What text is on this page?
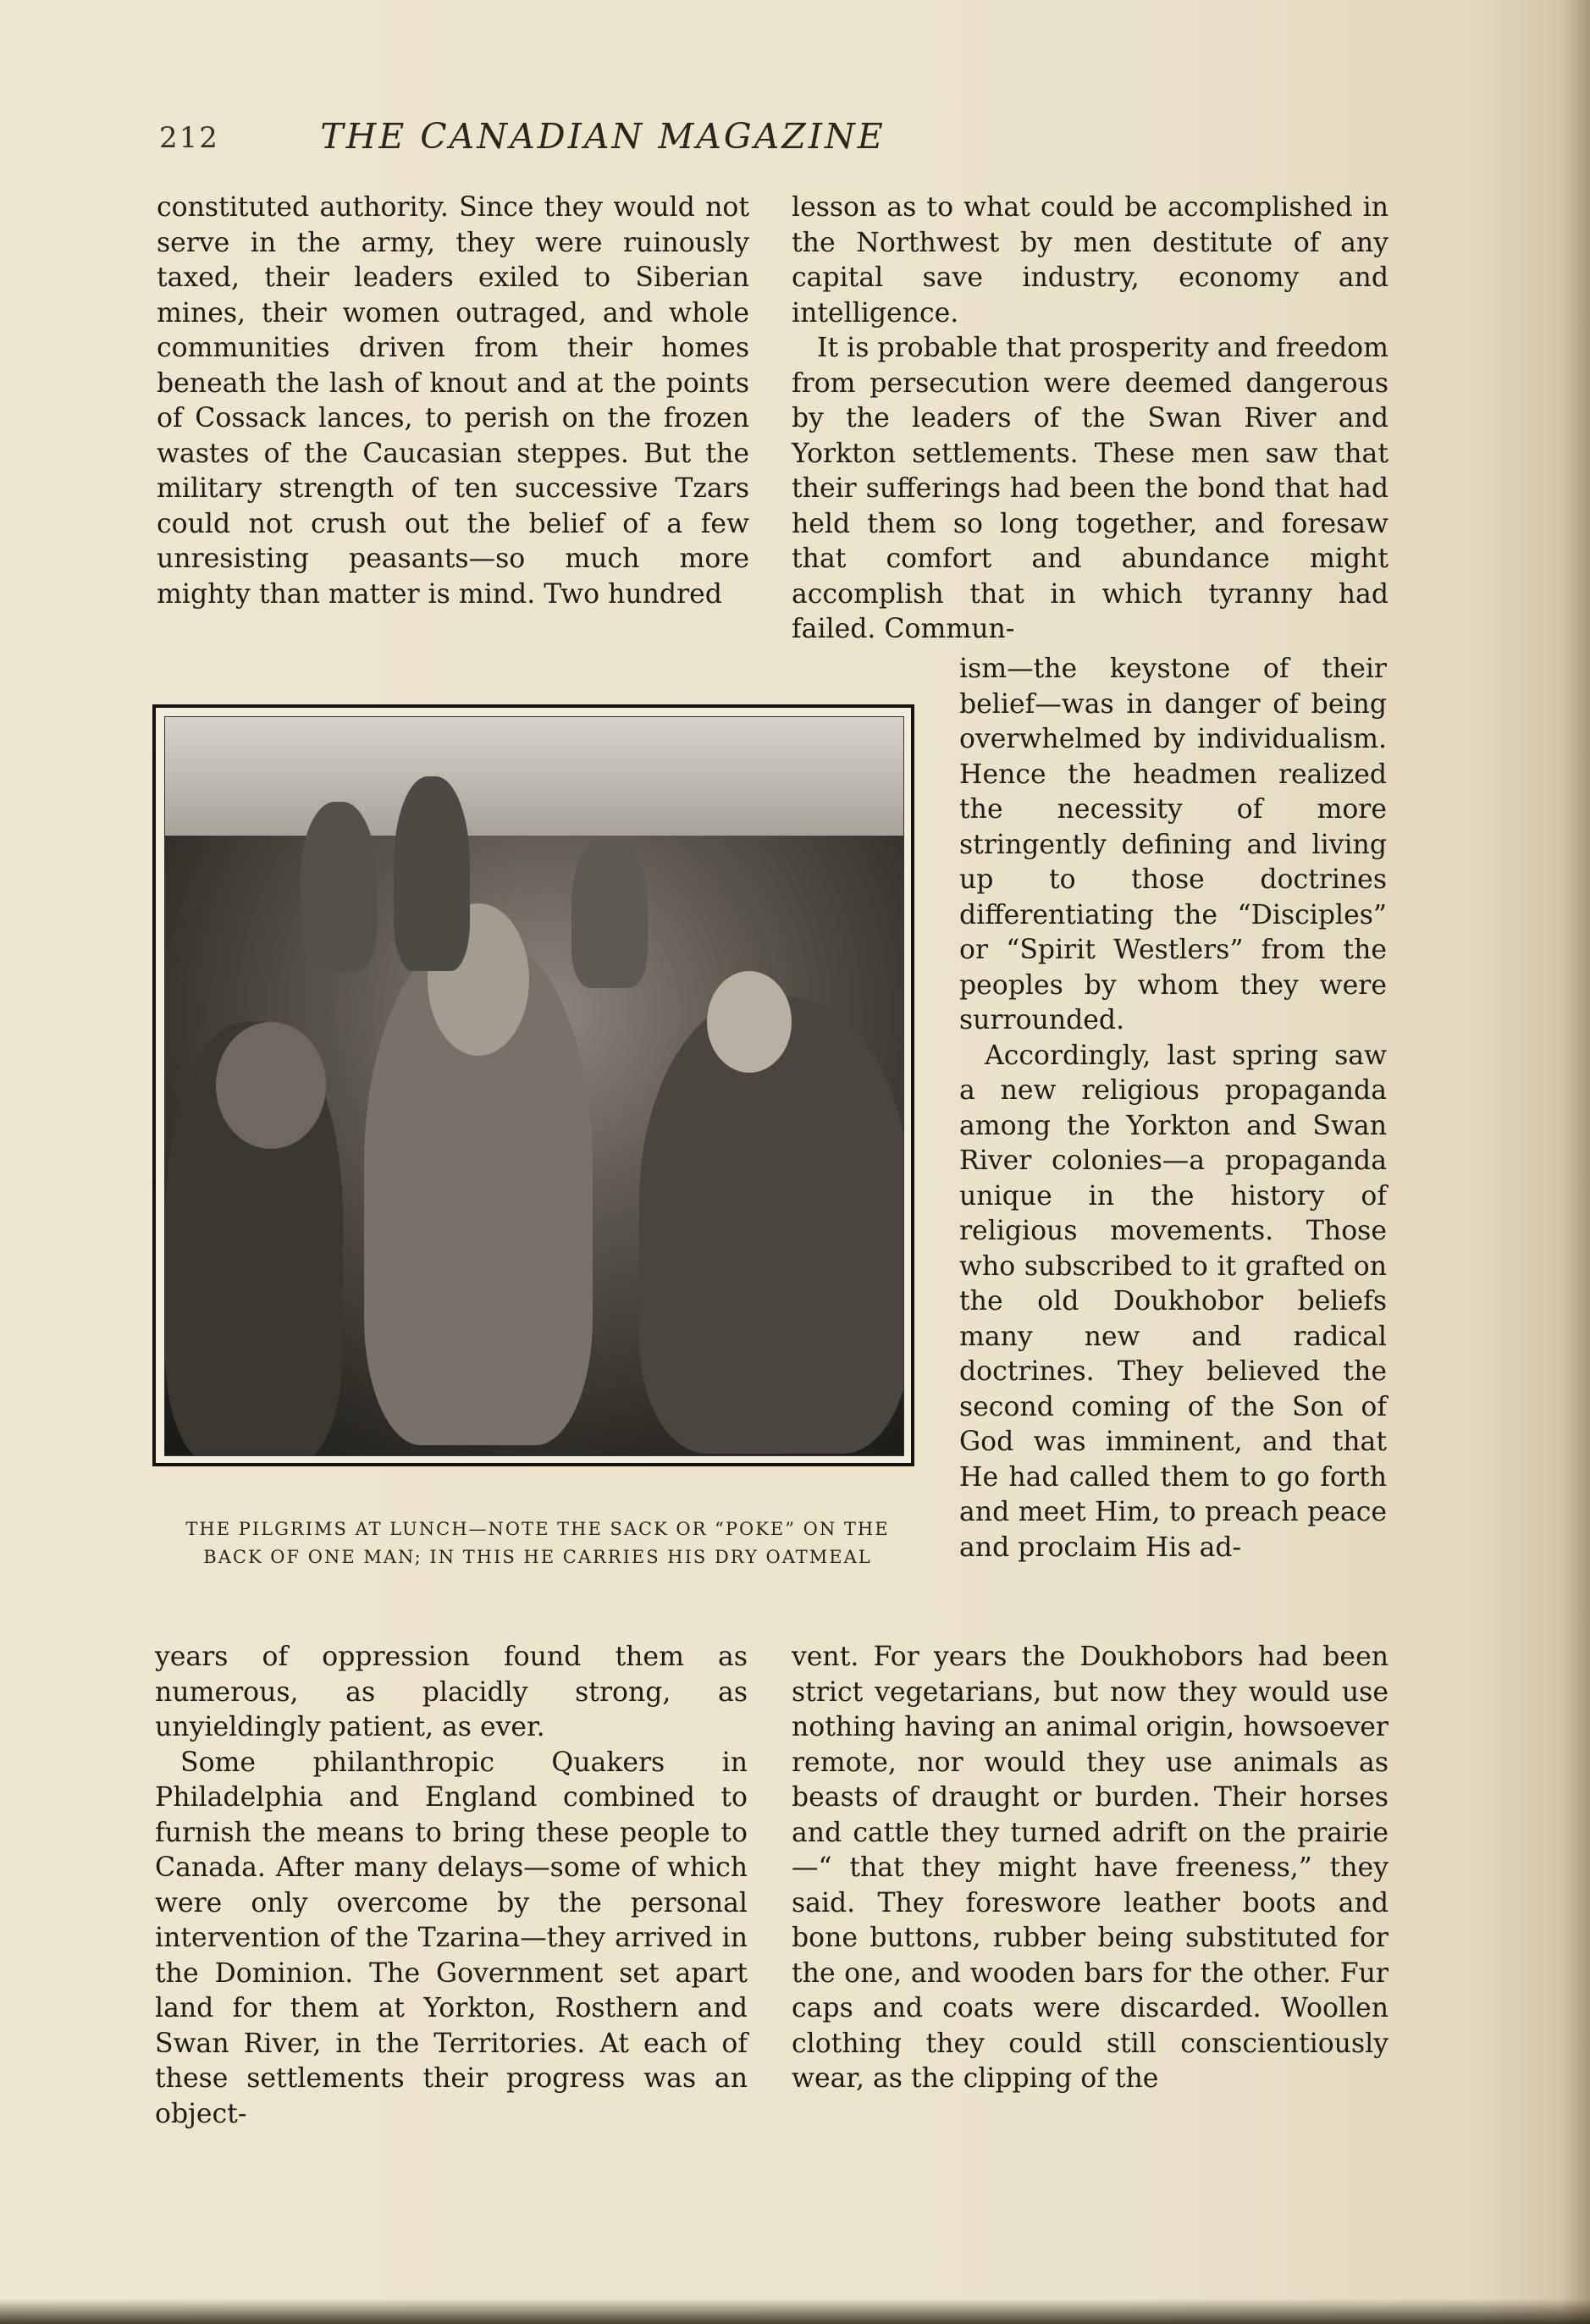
212	THE CANADIAN MAGAZINE

constituted authority. Since they would not serve in the army, they were ruinously taxed, their leaders exiled to Siberian mines, their women outraged, and whole communities driven from their homes beneath the lash of knout and at the points of Cossack lances, to perish on the frozen wastes of the Caucasian steppes. But the military strength of ten successive Tzars could not crush out the belief of a few unresisting peasants—so much more mighty than matter is mind. Two hundred

lesson as to what could be accomplished in the Northwest by men destitute of any capital save industry, economy and intelligence.

It is probable that prosperity and freedom from persecution were deemed dangerous by the leaders of the Swan River and Yorkton settlements. These men saw that their sufferings had been the bond that had held them so long together, and foresaw that comfort and abundance might accomplish that in which tyranny had failed. Commun-

THE PILGRIMS AT LUNCH—NOTE THE SACK OR “POKE” ON THE BACK OF ONE MAN; IN THIS HE CARRIES HIS DRY OATMEAL

ism—the keystone of their belief—was in danger of being overwhelmed by individualism. Hence the headmen realized the necessity of more stringently defining and living up to those doctrines differentiating the “Disciples” or “Spirit Westlers” from the peoples by whom they were surrounded.

Accordingly, last spring saw a new religious propaganda among the Yorkton and Swan River colonies—a propaganda unique in the history of religious movements. Those who subscribed to it grafted on the old Doukhobor beliefs many new and radical doctrines. They believed the second coming of the Son of God was imminent, and that He had called them to go forth and meet Him, to preach peace and proclaim His ad-

years of oppression found them as numerous, as placidly strong, as unyieldingly patient, as ever.

Some philanthropic Quakers in Philadelphia and England combined to furnish the means to bring these people to Canada. After many delays—some of which were only overcome by the personal intervention of the Tzarina—they arrived in the Dominion. The Government set apart land for them at Yorkton, Rosthern and Swan River, in the Territories. At each of these settlements their progress was an object-

vent. For years the Doukhobors had been strict vegetarians, but now they would use nothing having an animal origin, howsoever remote, nor would they use animals as beasts of draught or burden. Their horses and cattle they turned adrift on the prairie—“ that they might have freeness,” they said. They foreswore leather boots and bone buttons, rubber being substituted for the one, and wooden bars for the other. Fur caps and coats were discarded. Woollen clothing they could still conscientiously wear, as the clipping of the
